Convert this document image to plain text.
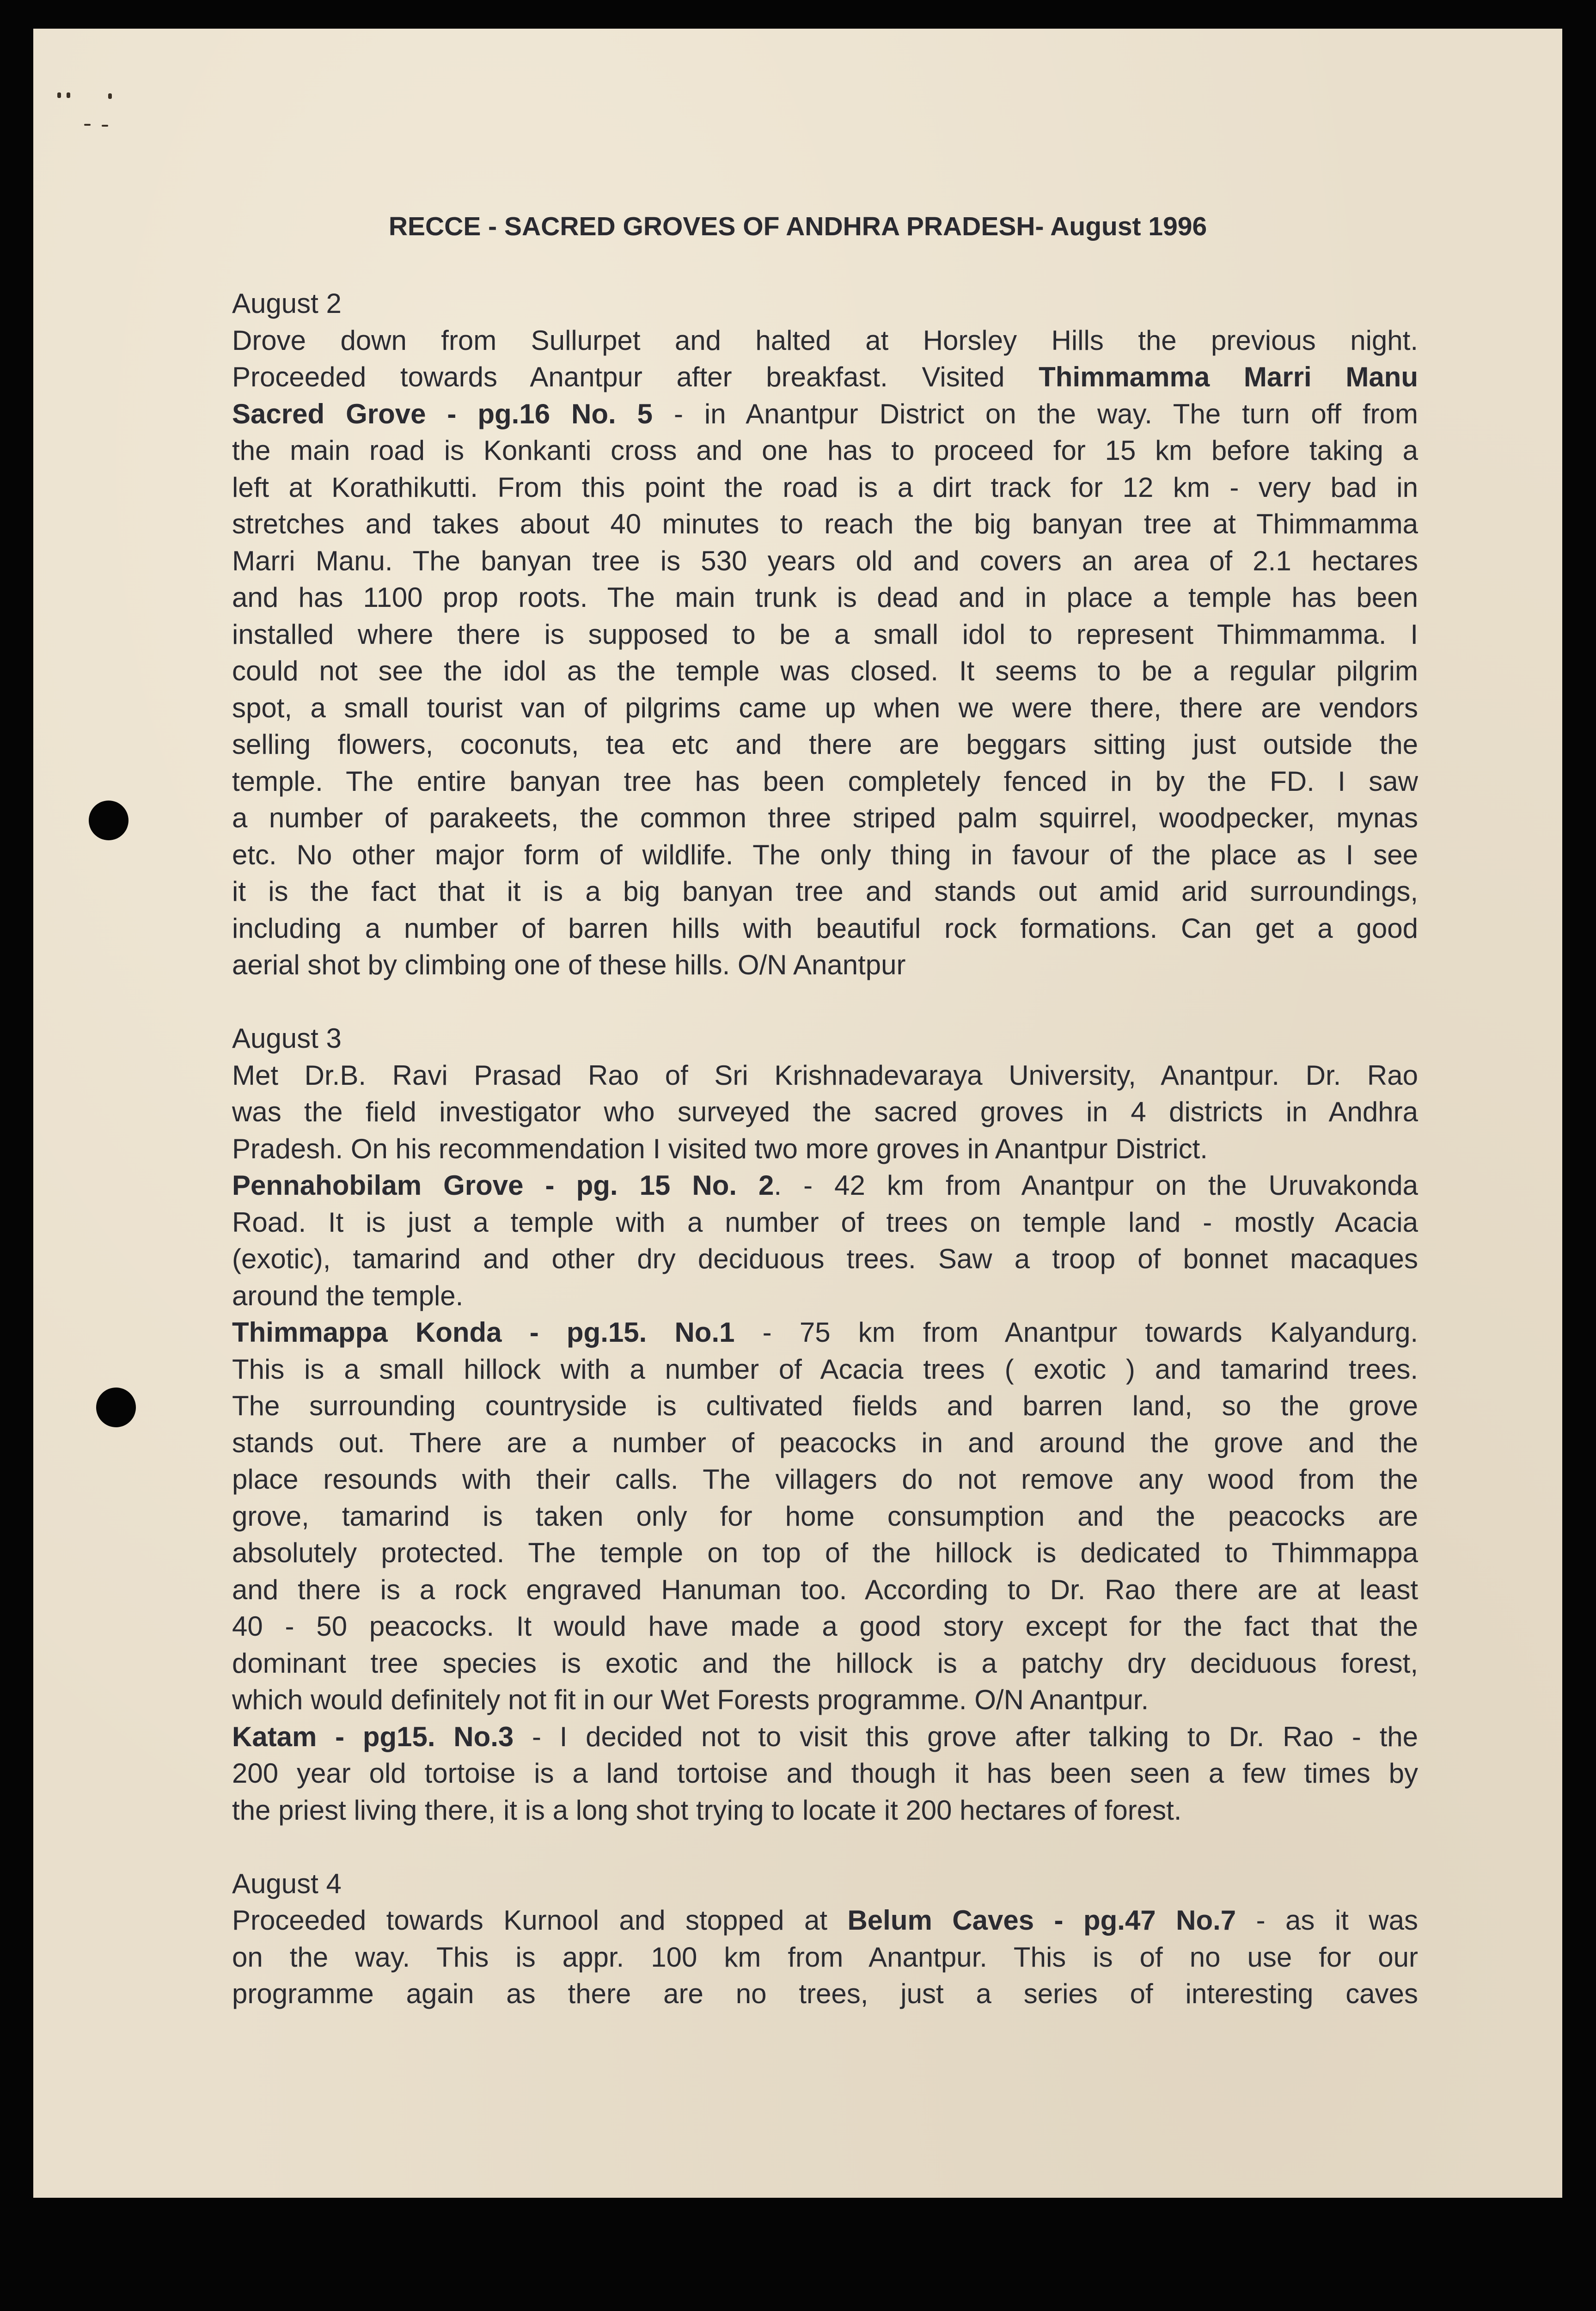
RECCE - SACRED GROVES OF ANDHRA PRADESH- August 1996
August 2
Drove down from Sullurpet and halted at Horsley Hills the previous night.
Proceeded towards Anantpur after breakfast. Visited Thimmamma Marri Manu
Sacred Grove - pg.16 No. 5 - in Anantpur District on the way. The turn off from
the main road is Konkanti cross and one has to proceed for 15 km before taking a
left at Korathikutti. From this point the road is a dirt track for 12 km - very bad in
stretches and takes about 40 minutes to reach the big banyan tree at Thimmamma
Marri Manu. The banyan tree is 530 years old and covers an area of 2.1 hectares
and has 1100 prop roots. The main trunk is dead and in place a temple has been
installed where there is supposed to be a small idol to represent Thimmamma. I
could not see the idol as the temple was closed. It seems to be a regular pilgrim
spot, a small tourist van of pilgrims came up when we were there, there are vendors
selling flowers, coconuts, tea etc and there are beggars sitting just outside the
temple. The entire banyan tree has been completely fenced in by the FD. I saw
a number of parakeets, the common three striped palm squirrel, woodpecker, mynas
etc. No other major form of wildlife. The only thing in favour of the place as I see
it is the fact that it is a big banyan tree and stands out amid arid surroundings,
including a number of barren hills with beautiful rock formations. Can get a good
aerial shot by climbing one of these hills. O/N Anantpur
August 3
Met Dr.B. Ravi Prasad Rao of Sri Krishnadevaraya University, Anantpur. Dr. Rao
was the field investigator who surveyed the sacred groves in 4 districts in Andhra
Pradesh. On his recommendation I visited two more groves in Anantpur District.
Pennahobilam Grove - pg. 15 No. 2. - 42 km from Anantpur on the Uruvakonda
Road. It is just a temple with a number of trees on temple land - mostly Acacia
(exotic), tamarind and other dry deciduous trees. Saw a troop of bonnet macaques
around the temple.
Thimmappa Konda - pg.15. No.1 - 75 km from Anantpur towards Kalyandurg.
This is a small hillock with a number of Acacia trees ( exotic ) and tamarind trees.
The surrounding countryside is cultivated fields and barren land, so the grove
stands out. There are a number of peacocks in and around the grove and the
place resounds with their calls. The villagers do not remove any wood from the
grove, tamarind is taken only for home consumption and the peacocks are
absolutely protected. The temple on top of the hillock is dedicated to Thimmappa
and there is a rock engraved Hanuman too. According to Dr. Rao there are at least
40 - 50 peacocks. It would have made a good story except for the fact that the
dominant tree species is exotic and the hillock is a patchy dry deciduous forest,
which would definitely not fit in our Wet Forests programme. O/N Anantpur.
Katam - pg15. No.3 - I decided not to visit this grove after talking to Dr. Rao - the
200 year old tortoise is a land tortoise and though it has been seen a few times by
the priest living there, it is a long shot trying to locate it 200 hectares of forest.
August 4
Proceeded towards Kurnool and stopped at Belum Caves - pg.47 No.7 - as it was
on the way. This is appr. 100 km from Anantpur. This is of no use for our
programme again as there are no trees, just a series of interesting caves
